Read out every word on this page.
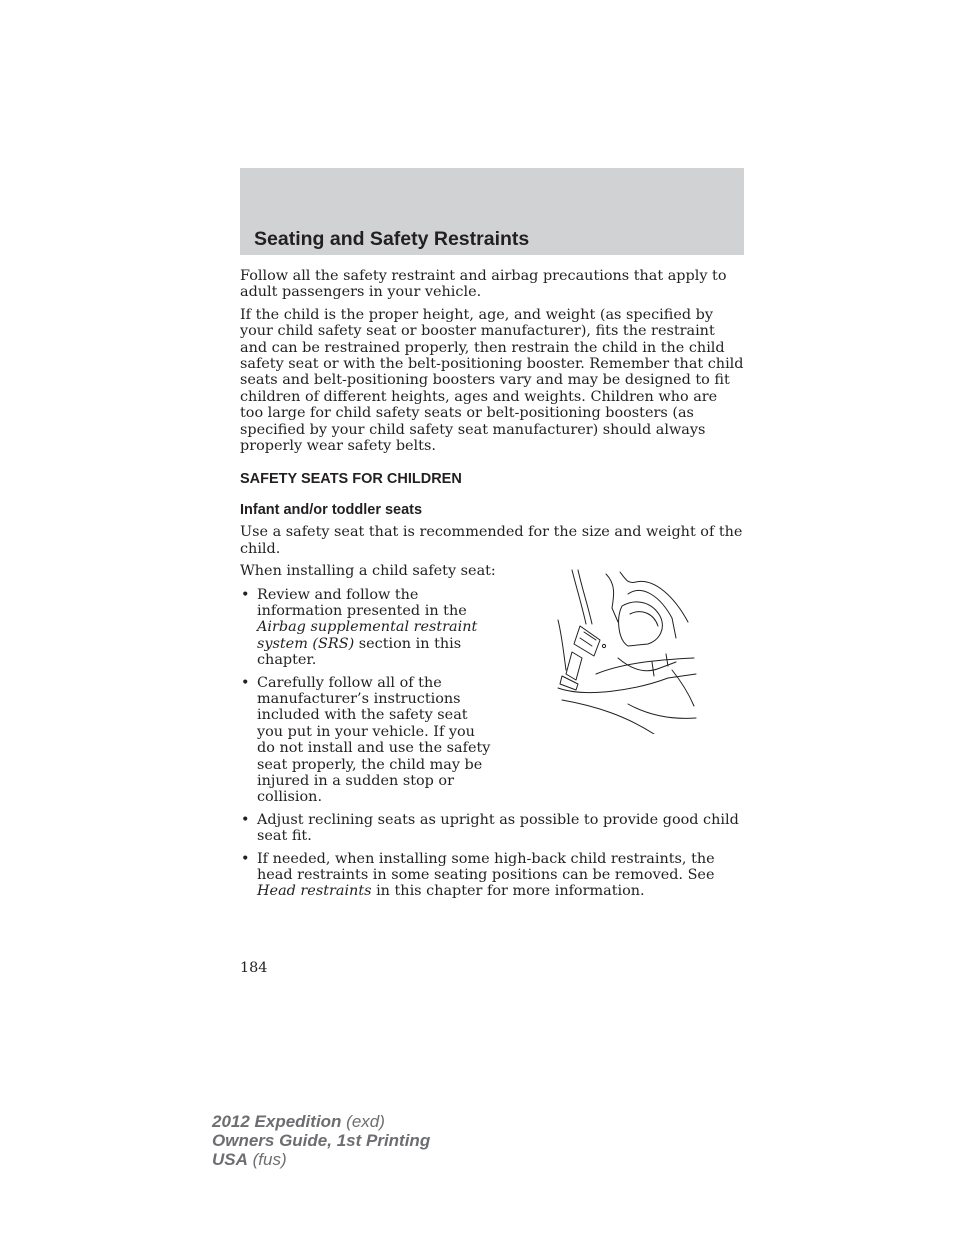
Seating and Safety Restraints

Follow all the safety restraint and airbag precautions that apply to adult passengers in your vehicle.

If the child is the proper height, age, and weight (as specified by your child safety seat or booster manufacturer), fits the restraint and can be restrained properly, then restrain the child in the child safety seat or with the belt-positioning booster. Remember that child seats and belt-positioning boosters vary and may be designed to fit children of different heights, ages and weights. Children who are too large for child safety seats or belt-positioning boosters (as specified by your child safety seat manufacturer) should always properly wear safety belts.

SAFETY SEATS FOR CHILDREN
Infant and/or toddler seats

Use a safety seat that is recommended for the size and weight of the child.

When installing a child safety seat:

• Review and follow the information presented in the Airbag supplemental restraint system (SRS) section in this chapter.
• Carefully follow all of the manufacturer’s instructions included with the safety seat you put in your vehicle. If you do not install and use the safety seat properly, the child may be injured in a sudden stop or collision.
• Adjust reclining seats as upright as possible to provide good child seat fit.
• If needed, when installing some high-back child restraints, the head restraints in some seating positions can be removed. See Head restraints in this chapter for more information.
184
2012 Expedition (exd)
Owners Guide, 1st Printing
USA (fus)
